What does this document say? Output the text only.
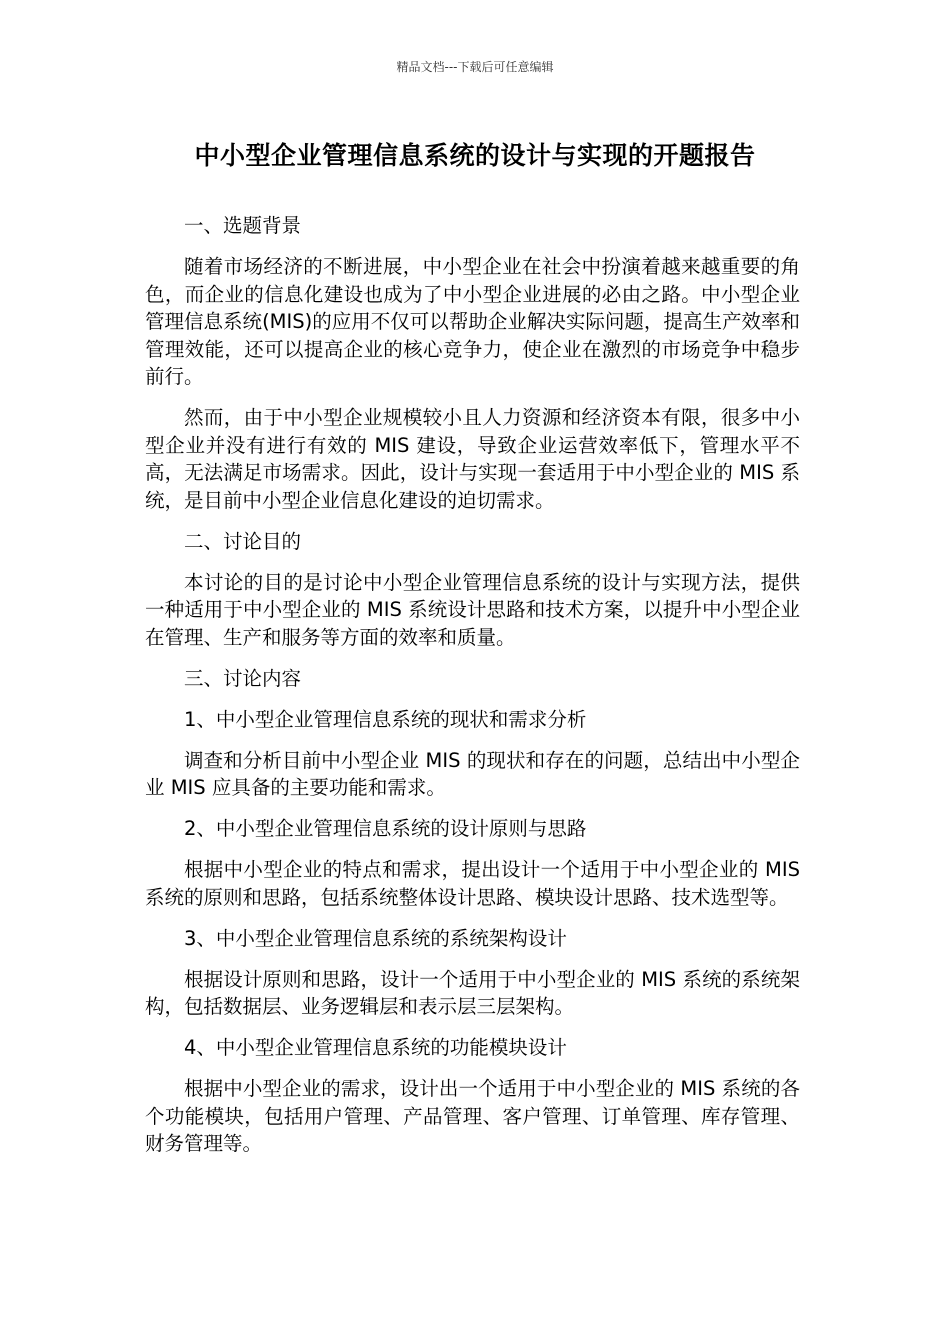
精品文档---下载后可任意编辑
中小型企业管理信息系统的设计与实现的开题报告

一、选题背景

随着市场经济的不断进展，中小型企业在社会中扮演着越来越重要的角色，而企业的信息化建设也成为了中小型企业进展的必由之路。中小型企业管理信息系统(MIS)的应用不仅可以帮助企业解决实际问题，提高生产效率和管理效能，还可以提高企业的核心竞争力，使企业在激烈的市场竞争中稳步前行。

然而，由于中小型企业规模较小且人力资源和经济资本有限，很多中小型企业并没有进行有效的 MIS 建设，导致企业运营效率低下，管理水平不高，无法满足市场需求。因此，设计与实现一套适用于中小型企业的 MIS 系统，是目前中小型企业信息化建设的迫切需求。

二、讨论目的

本讨论的目的是讨论中小型企业管理信息系统的设计与实现方法，提供一种适用于中小型企业的 MIS 系统设计思路和技术方案，以提升中小型企业在管理、生产和服务等方面的效率和质量。

三、讨论内容

1、中小型企业管理信息系统的现状和需求分析

调查和分析目前中小型企业 MIS 的现状和存在的问题，总结出中小型企业 MIS 应具备的主要功能和需求。

2、中小型企业管理信息系统的设计原则与思路

根据中小型企业的特点和需求，提出设计一个适用于中小型企业的 MIS 系统的原则和思路，包括系统整体设计思路、模块设计思路、技术选型等。

3、中小型企业管理信息系统的系统架构设计

根据设计原则和思路，设计一个适用于中小型企业的 MIS 系统的系统架构，包括数据层、业务逻辑层和表示层三层架构。

4、中小型企业管理信息系统的功能模块设计

根据中小型企业的需求，设计出一个适用于中小型企业的 MIS 系统的各个功能模块，包括用户管理、产品管理、客户管理、订单管理、库存管理、财务管理等。
